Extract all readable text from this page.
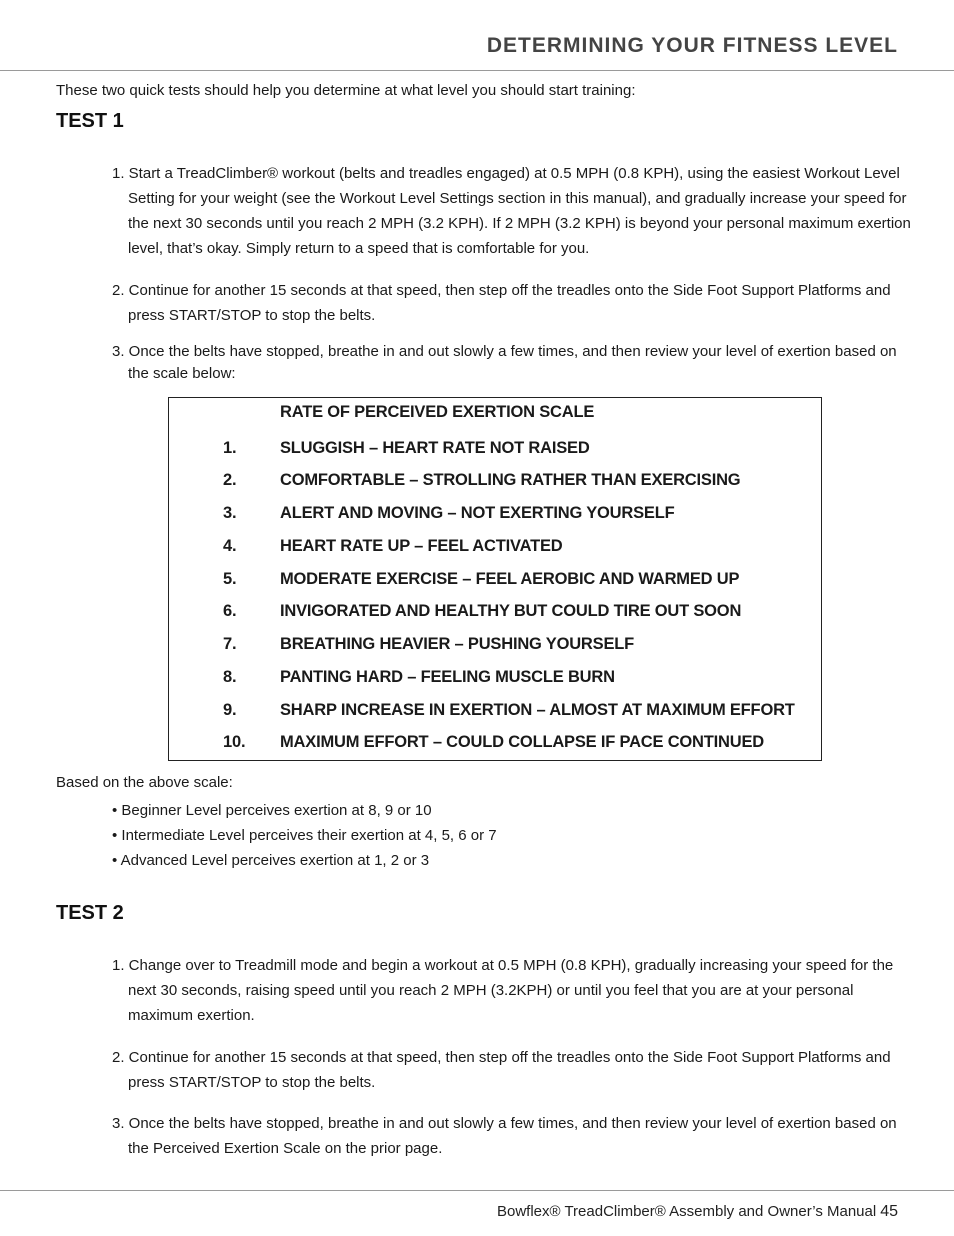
DETERMINING YOUR FITNESS LEVEL

These two quick tests should help you determine at what level you should start training:

TEST 1

1. Start a TreadClimber® workout (belts and treadles engaged) at 0.5 MPH (0.8 KPH), using the easiest Workout Level Setting for your weight (see the Workout Level Settings section in this manual), and gradually increase your speed for the next 30 seconds until you reach 2 MPH (3.2 KPH). If 2 MPH (3.2 KPH) is beyond your personal maximum exertion level, that’s okay. Simply return to a speed that is comfortable for you.

2. Continue for another 15 seconds at that speed, then step off the treadles onto the Side Foot Support Platforms and press START/STOP to stop the belts.

3. Once the belts have stopped, breathe in and out slowly a few times, and then review your level of exertion based on the scale below:

RATE OF PERCEIVED EXERTION SCALE

1.	SLUGGISH – HEART RATE NOT RAISED
2.	COMFORTABLE – STROLLING RATHER THAN EXERCISING
3.	ALERT AND MOVING – NOT EXERTING YOURSELF
4.	HEART RATE UP – FEEL ACTIVATED
5.	MODERATE EXERCISE – FEEL AEROBIC AND WARMED UP
6.	INVIGORATED AND HEALTHY BUT COULD TIRE OUT SOON
7.	BREATHING HEAVIER – PUSHING YOURSELF
8.	PANTING HARD – FEELING MUSCLE BURN
9.	SHARP INCREASE IN EXERTION – ALMOST AT MAXIMUM EFFORT
10. MAXIMUM EFFORT – COULD COLLAPSE IF PACE CONTINUED

Based on the above scale:

• Beginner Level perceives exertion at 8, 9 or 10
• Intermediate Level perceives their exertion at 4, 5, 6 or 7
• Advanced Level perceives exertion at 1, 2 or 3
TEST 2

1. Change over to Treadmill mode and begin a workout at 0.5 MPH (0.8 KPH), gradually increasing your speed for the next 30 seconds, raising speed until you reach 2 MPH (3.2KPH) or until you feel that you are at your personal maximum exertion.

2. Continue for another 15 seconds at that speed, then step off the treadles onto the Side Foot Support Platforms and press START/STOP to stop the belts.

3. Once the belts have stopped, breathe in and out slowly a few times, and then review your level of exertion based on the Perceived Exertion Scale on the prior page.

Bowflex® TreadClimber® Assembly and Owner’s Manual 45
